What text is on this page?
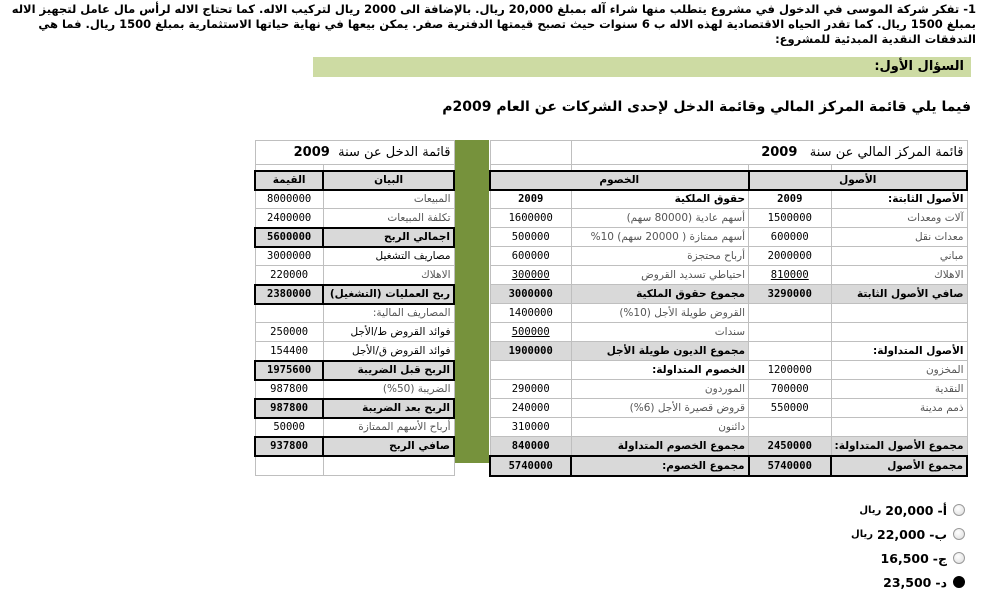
1- تفكر شركة الموسى في الدخول في مشروع يتطلب منها شراء آله بمبلغ 20,000 ريال. بالإضافة الى 2000 ريال لتركيب الاله. كما تحتاج الاله لرأس مال عامل لتجهيز الاله بمبلغ 1500 ريال. كما تقدر الحياه الاقتصادية لهذه الاله ب 6 سنوات حيث تصبح قيمتها الدفترية صفر. يمكن بيعها في نهاية حياتها الاستثمارية بمبلغ 1500 ريال. فما هي التدفقات النقدية المبدئية للمشروع:
السؤال الأول:
فيما يلي قائمة المركز المالي وقائمة الدخل لإحدى الشركات عن العام 2009م
قائمة المركز المالي عن سنة   2009			

الأصول		الخصوم	
الأصول الثابتة:	2009	حقوق الملكية	2009
آلات ومعدات	1500000	أسهم عادية (80000 سهم)	1600000
معدات نقل	600000	أسهم ممتازة ( 20000 سهم) 10%	500000
مباني	2000000	أرباح محتجزة	600000
الاهلاك	810000	احتياطي تسديد القروض	300000
صافي الأصول الثابتة	3290000	مجموع حقوق الملكية	3000000
		القروض طويلة الأجل (10%)	1400000
		سندات	500000
الأصول المتداولة:		مجموع الديون طويلة الأجل	1900000
المخزون	1200000	الخصوم المتداولة:	
النقدية	700000	الموردون	290000
ذمم مدينة	550000	قروض قصيرة الأجل (6%)	240000
		دائنون	310000
مجموع الأصول المتداولة:	2450000	مجموع الخصوم المتداولة	840000
مجموع الأصول	5740000	مجموع الخصوم:	5740000
قائمة الدخل عن سنة  2009	

البيان	القيمة
المبيعات	8000000
تكلفة المبيعات	2400000
اجمالي الربح	5600000
مصاريف التشغيل	3000000
الاهلاك	220000
ربح العمليات (التشغيل)	2380000
المصاريف المالية:	
فوائد القروض ط/الأجل	250000
فوائد القروض ق/الأجل	154400
الربح قبل الضريبة	1975600
الضريبة (50%)	987800
الربح بعد الضريبة	987800
أرباح الأسهم الممتازة	50000
صافي الربح	937800

أ-
20,000
ريال
ب-
22,000
ريال
ج-
16,500
د-
23,500
